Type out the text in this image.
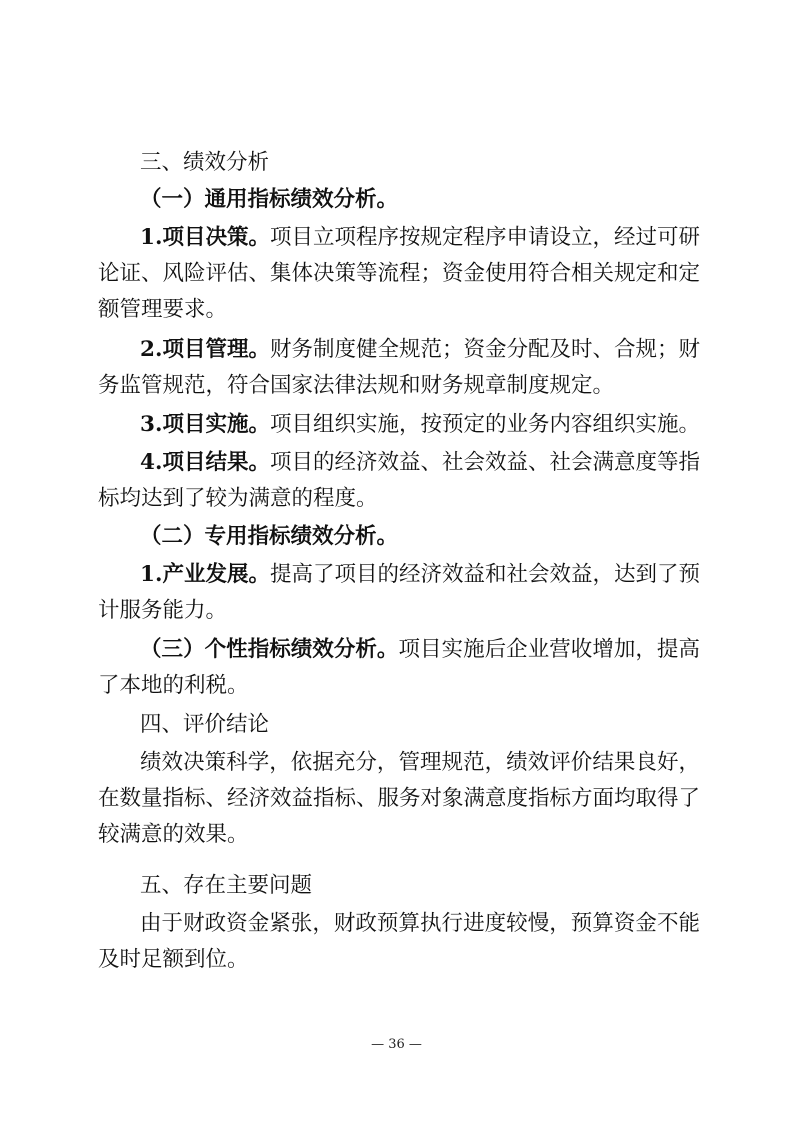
三、绩效分析
（一）通用指标绩效分析。
1.项目决策。项目立项程序按规定程序申请设立，经过可研
论证、风险评估、集体决策等流程；资金使用符合相关规定和定
额管理要求。
2.项目管理。财务制度健全规范；资金分配及时、合规；财
务监管规范，符合国家法律法规和财务规章制度规定。
3.项目实施。项目组织实施，按预定的业务内容组织实施。
4.项目结果。项目的经济效益、社会效益、社会满意度等指
标均达到了较为满意的程度。
（二）专用指标绩效分析。
1.产业发展。提高了项目的经济效益和社会效益，达到了预
计服务能力。
（三）个性指标绩效分析。项目实施后企业营收增加，提高
了本地的利税。
四、评价结论
绩效决策科学，依据充分，管理规范，绩效评价结果良好，
在数量指标、经济效益指标、服务对象满意度指标方面均取得了
较满意的效果。
五、存在主要问题
由于财政资金紧张，财政预算执行进度较慢，预算资金不能
及时足额到位。
— 36 —
